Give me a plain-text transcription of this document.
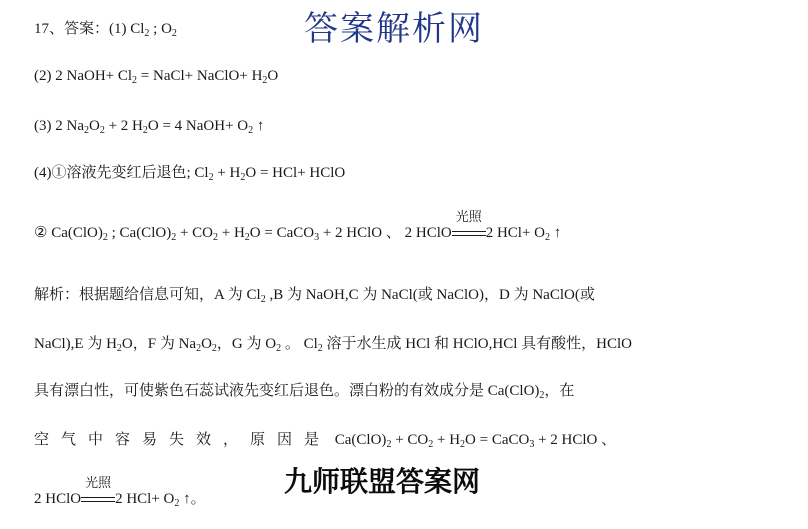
答案解析网
17、答案：(1) $Cl_2$ ; $O_2$
(2) 2 NaOH+ $Cl_2$ = NaCl+ NaClO+ $H_2O$
(3) 2 $Na_2O_2 + 2$ $H_2O = 4$ NaOH+ $O_2$ ↑
(4)①溶液先变红后退色; $Cl_2 + H_2O = HCl+$ HClO
② $Ca(ClO)_2$ ; $Ca(ClO)_2 + CO_2 + H_2O$ = CaCO$_3$ + 2 HClO 、 2 HClO
光照
2 $HCl+ O_2$ ↑
解析：根据题给信息可知，A 为 $Cl_2$ ,B 为 NaOH,C 为 NaCl(或 NaClO)，D 为 NaClO(或
NaCl),E 为 $H_2O$，F 为 $Na_2O_2$，G 为 $O_2$ 。 $Cl_2$ 溶于水生成 HCl 和 HClO,HCl 具有酸性，HClO
具有漂白性，可使紫色石蕊试液先变红后退色。漂白粉的有效成分是 $Ca(ClO)_2$，在
空气中容易失效，原因是 $Ca(ClO)_2 + CO_2 + H_2O$ = CaCO$_3$ + 2 HClO 、
2 HClO
光照
2 $HCl+ O_2$ ↑。
九师联盟答案网
